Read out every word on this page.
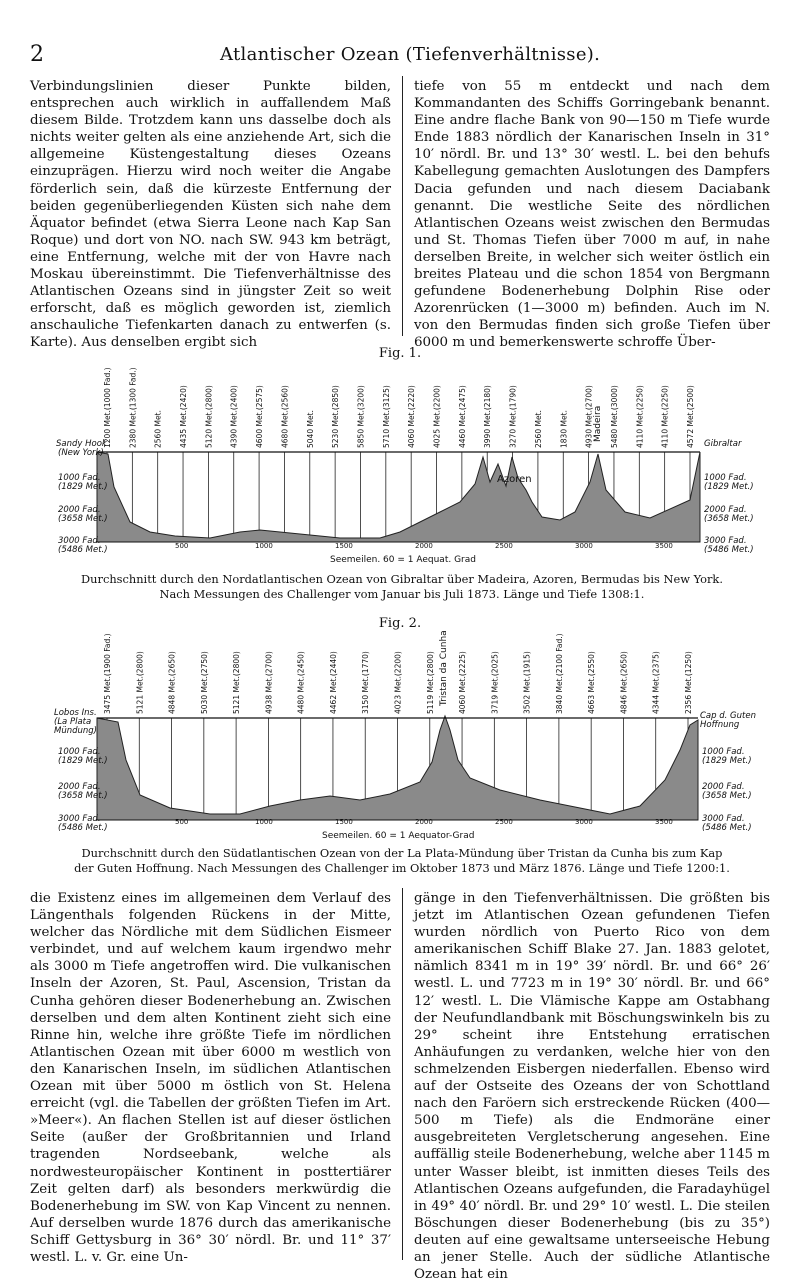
2	Atlantischer Ozean (Tiefenverhältnisse).

Verbindungslinien dieser Punkte bilden, entsprechen auch wirklich in auffallendem Maß diesem Bilde. Trotzdem kann uns dasselbe doch als nichts weiter gelten als eine anziehende Art, sich die allgemeine Küstengestaltung dieses Ozeans einzuprägen. Hierzu wird noch weiter die Angabe förderlich sein, daß die kürzeste Entfernung der beiden gegenüberliegenden Küsten sich nahe dem Äquator befindet (etwa Sierra Leone nach Kap San Roque) und dort von NO. nach SW. 943 km beträgt, eine Entfernung, welche mit der von Havre nach Moskau übereinstimmt. Die Tiefenverhältnisse des Atlantischen Ozeans sind in jüngster Zeit so weit erforscht, daß es möglich geworden ist, ziemlich anschauliche Tiefenkarten danach zu entwerfen (s. Karte). Aus denselben ergibt sich

tiefe von 55 m entdeckt und nach dem Kommandanten des Schiffs Gorringebank benannt. Eine andre flache Bank von 90—150 m Tiefe wurde Ende 1883 nördlich der Kanarischen Inseln in 31° 10′ nördl. Br. und 13° 30′ westl. L. bei den behufs Kabellegung gemachten Auslotungen des Dampfers Dacia gefunden und nach diesem Daciabank genannt. Die westliche Seite des nördlichen Atlantischen Ozeans weist zwischen den Bermudas und St. Thomas Tiefen über 7000 m auf, in nahe derselben Breite, in welcher sich weiter östlich ein breites Plateau und die schon 1854 von Bergmann gefundene Bodenerhebung Dolphin Rise oder Azorenrücken (1—3000 m) befinden. Auch im N. von den Bermudas finden sich große Tiefen über 6000 m und bemerkenswerte schroffe Über-

Fig. 1.
1200 Met.(1000 Fad.) 2380 Met.(1300 Fad.) 2560 Met. 4435 Met.(2420) 5120 Met.(2800) 4390 Met.(2400) 4600 Met.(2575) 4680 Met.(2560) 5040 Met. 5230 Met.(2850) 5850 Met.(3200) 5710 Met.(3125) 4060 Met.(2220) 4025 Met.(2200) 4460 Met.(2475) 3990 Met.(2180) 3270 Met.(1790) 2560 Met. 1830 Met. 4930 Met.(2700) 5480 Met.(3000) 4110 Met.(2250) 4110 Met.(2250) 4572 Met.(2500)
500	1000	1500	2000	2500	3000	3500
Azoren
Madeira
Sandy Hook
(New York)
1000 Fad.
(1829 Met.)
2000 Fad.
(3658 Met.)
3000 Fad.
(5486 Met.)
Gibraltar
1000 Fad.
(1829 Met.)
2000 Fad.
(3658 Met.)
3000 Fad.
(5486 Met.)
Seemeilen. 60 = 1 Aequat. Grad
Durchschnitt durch den Nordatlantischen Ozean von Gibraltar über Madeira, Azoren, Bermudas bis New York.
Nach Messungen des Challenger vom Januar bis Juli 1873. Länge und Tiefe 1308:1.
Fig. 2.
3475 Met.(1900 Fad.)	5121 Met.(2800)	4848 Met.(2650)	5030 Met.(2750)	5121 Met.(2800)	4938 Met.(2700)	4480 Met.(2450)	4462 Met.(2440)	3150 Met.(1770)	4023 Met.(2200)	5119 Met.(2800)	4060 Met.(2225)	3719 Met.(2025)	3502 Met.(1915)	3840 Met.(2100 Fad.)	4663 Met.(2550)	4846 Met.(2650)	4344 Met.(2375)	2356 Met.(1250)
500	1000	1500	2000	2500	3000	3500
Tristan da Cunha
Lobos Ins.
(La Plata
Mündung)
1000 Fad.
(1829 Met.)
2000 Fad.
(3658 Met.)
3000 Fad.
(5486 Met.)
Cap d. Guten
Hoffnung
1000 Fad.
(1829 Met.)
2000 Fad.
(3658 Met.)
3000 Fad.
(5486 Met.)
Seemeilen. 60 = 1 Aequator-Grad
Durchschnitt durch den Südatlantischen Ozean von der La Plata-Mündung über Tristan da Cunha bis zum Kap
der Guten Hoffnung. Nach Messungen des Challenger im Oktober 1873 und März 1876. Länge und Tiefe 1200:1.

die Existenz eines im allgemeinen dem Verlauf des Längenthals folgenden Rückens in der Mitte, welcher das Nördliche mit dem Südlichen Eismeer verbindet, und auf welchem kaum irgendwo mehr als 3000 m Tiefe angetroffen wird. Die vulkanischen Inseln der Azoren, St. Paul, Ascension, Tristan da Cunha gehören dieser Bodenerhebung an. Zwischen derselben und dem alten Kontinent zieht sich eine Rinne hin, welche ihre größte Tiefe im nördlichen Atlantischen Ozean mit über 6000 m westlich von den Kanarischen Inseln, im südlichen Atlantischen Ozean mit über 5000 m östlich von St. Helena erreicht (vgl. die Tabellen der größten Tiefen im Art. »Meer«). An flachen Stellen ist auf dieser östlichen Seite (außer der Großbritannien und Irland tragenden Nordseebank, welche als nordwesteuropäischer Kontinent in posttertiärer Zeit gelten darf) als besonders merkwürdig die Bodenerhebung im SW. von Kap Vincent zu nennen. Auf derselben wurde 1876 durch das amerikanische Schiff Gettysburg in 36° 30′ nördl. Br. und 11° 37′ westl. L. v. Gr. eine Un-

gänge in den Tiefenverhältnissen. Die größten bis jetzt im Atlantischen Ozean gefundenen Tiefen wurden nördlich von Puerto Rico von dem amerikanischen Schiff Blake 27. Jan. 1883 gelotet, nämlich 8341 m in 19° 39′ nördl. Br. und 66° 26′ westl. L. und 7723 m in 19° 30′ nördl. Br. und 66° 12′ westl. L. Die Vlämische Kappe am Ostabhang der Neufundlandbank mit Böschungswinkeln bis zu 29° scheint ihre Entstehung erratischen Anhäufungen zu verdanken, welche hier von den schmelzenden Eisbergen niederfallen. Ebenso wird auf der Ostseite des Ozeans der von Schottland nach den Faröern sich erstreckende Rücken (400—500 m Tiefe) als die Endmoräne einer ausgebreiteten Vergletscherung angesehen. Eine auffällig steile Bodenerhebung, welche aber 1145 m unter Wasser bleibt, ist inmitten dieses Teils des Atlantischen Ozeans aufgefunden, die Faradayhügel in 49° 40′ nördl. Br. und 29° 10′ westl. L. Die steilen Böschungen dieser Bodenerhebung (bis zu 35°) deuten auf eine gewaltsame unterseeische Hebung an jener Stelle. Auch der südliche Atlantische Ozean hat ein
